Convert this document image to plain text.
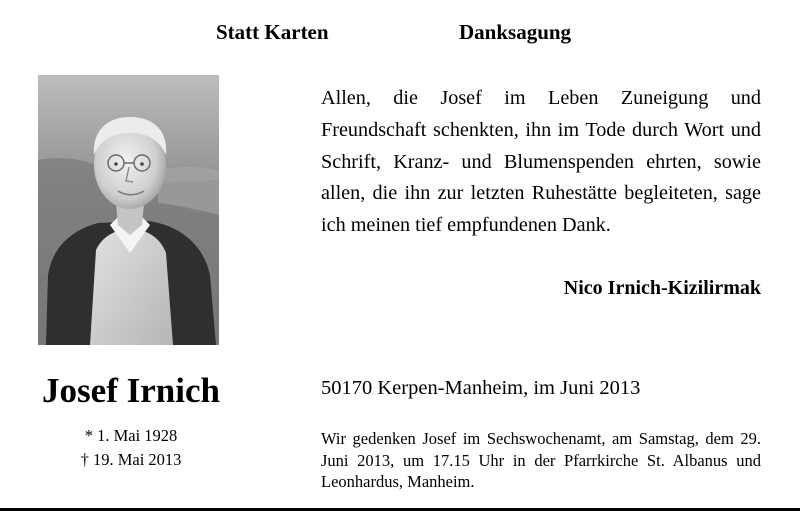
Statt Karten	Danksagung
Allen, die Josef im Leben Zuneigung und Freundschaft schenkten, ihn im Tode durch Wort und Schrift, Kranz- und Blumenspenden ehrten, sowie allen, die ihn zur letzten Ruhestätte begleiteten, sage ich meinen tief empfundenen Dank.
Nico Irnich-Kizilirmak
Josef Irnich
* 1. Mai 1928
† 19. Mai 2013
50170 Kerpen-Manheim, im Juni 2013
Wir gedenken Josef im Sechswochenamt, am Samstag, dem 29. Juni 2013, um 17.15 Uhr in der Pfarrkirche St. Albanus und Leonhardus, Manheim.
